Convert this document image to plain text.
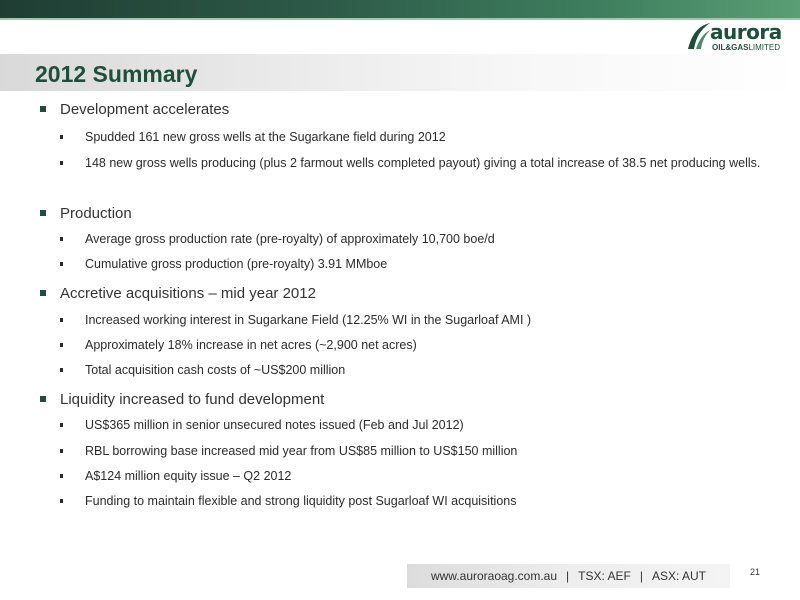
aurora
OIL&GASLIMITED
2012 Summary
Development accelerates
Spudded 161 new gross wells at the Sugarkane field during 2012
148 new gross wells producing (plus 2 farmout wells completed payout) giving a total increase of 38.5 net producing wells.
Production
Average gross production rate (pre-royalty) of approximately 10,700 boe/d
Cumulative gross production (pre-royalty) 3.91 MMboe
Accretive acquisitions – mid year 2012
Increased working interest in Sugarkane Field (12.25% WI in the Sugarloaf AMI )
Approximately 18% increase in net acres (~2,900 net acres)
Total acquisition cash costs of ~US$200 million
Liquidity increased to fund development
US$365 million in senior unsecured notes issued (Feb and Jul 2012)
RBL borrowing base increased mid year from US$85 million to US$150 million
A$124 million equity issue – Q2 2012
Funding to maintain flexible and strong liquidity post Sugarloaf WI acquisitions
www.auroraoag.com.au | TSX: AEF | ASX: AUT	21
